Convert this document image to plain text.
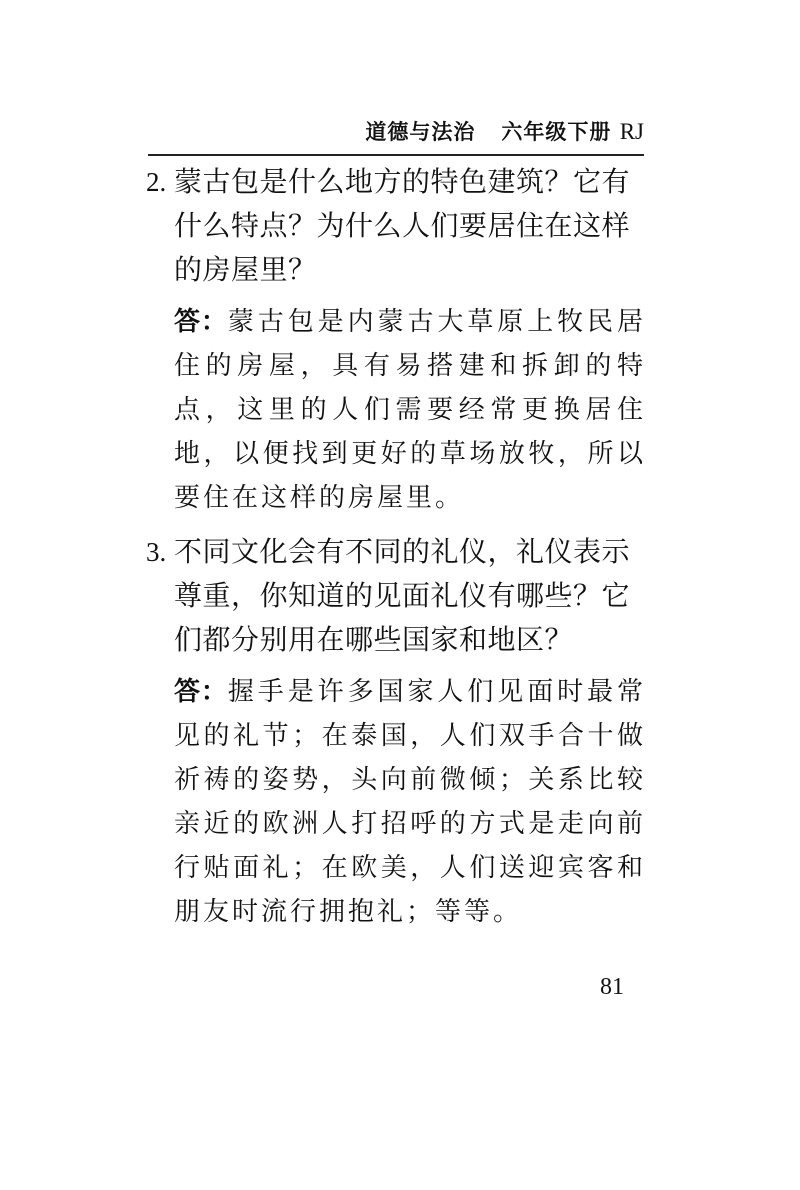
道德与法治 六年级下册 RJ
2. 蒙古包是什么地方的特色建筑？它有什么特点？为什么人们要居住在这样的房屋里？
答：蒙古包是内蒙古大草原上牧民居住的房屋，具有易搭建和拆卸的特点，这里的人们需要经常更换居住地，以便找到更好的草场放牧，所以要住在这样的房屋里。
3. 不同文化会有不同的礼仪，礼仪表示尊重，你知道的见面礼仪有哪些？它们都分别用在哪些国家和地区？
答：握手是许多国家人们见面时最常见的礼节；在泰国，人们双手合十做祈祷的姿势，头向前微倾；关系比较亲近的欧洲人打招呼的方式是走向前行贴面礼；在欧美，人们送迎宾客和朋友时流行拥抱礼；等等。
81
